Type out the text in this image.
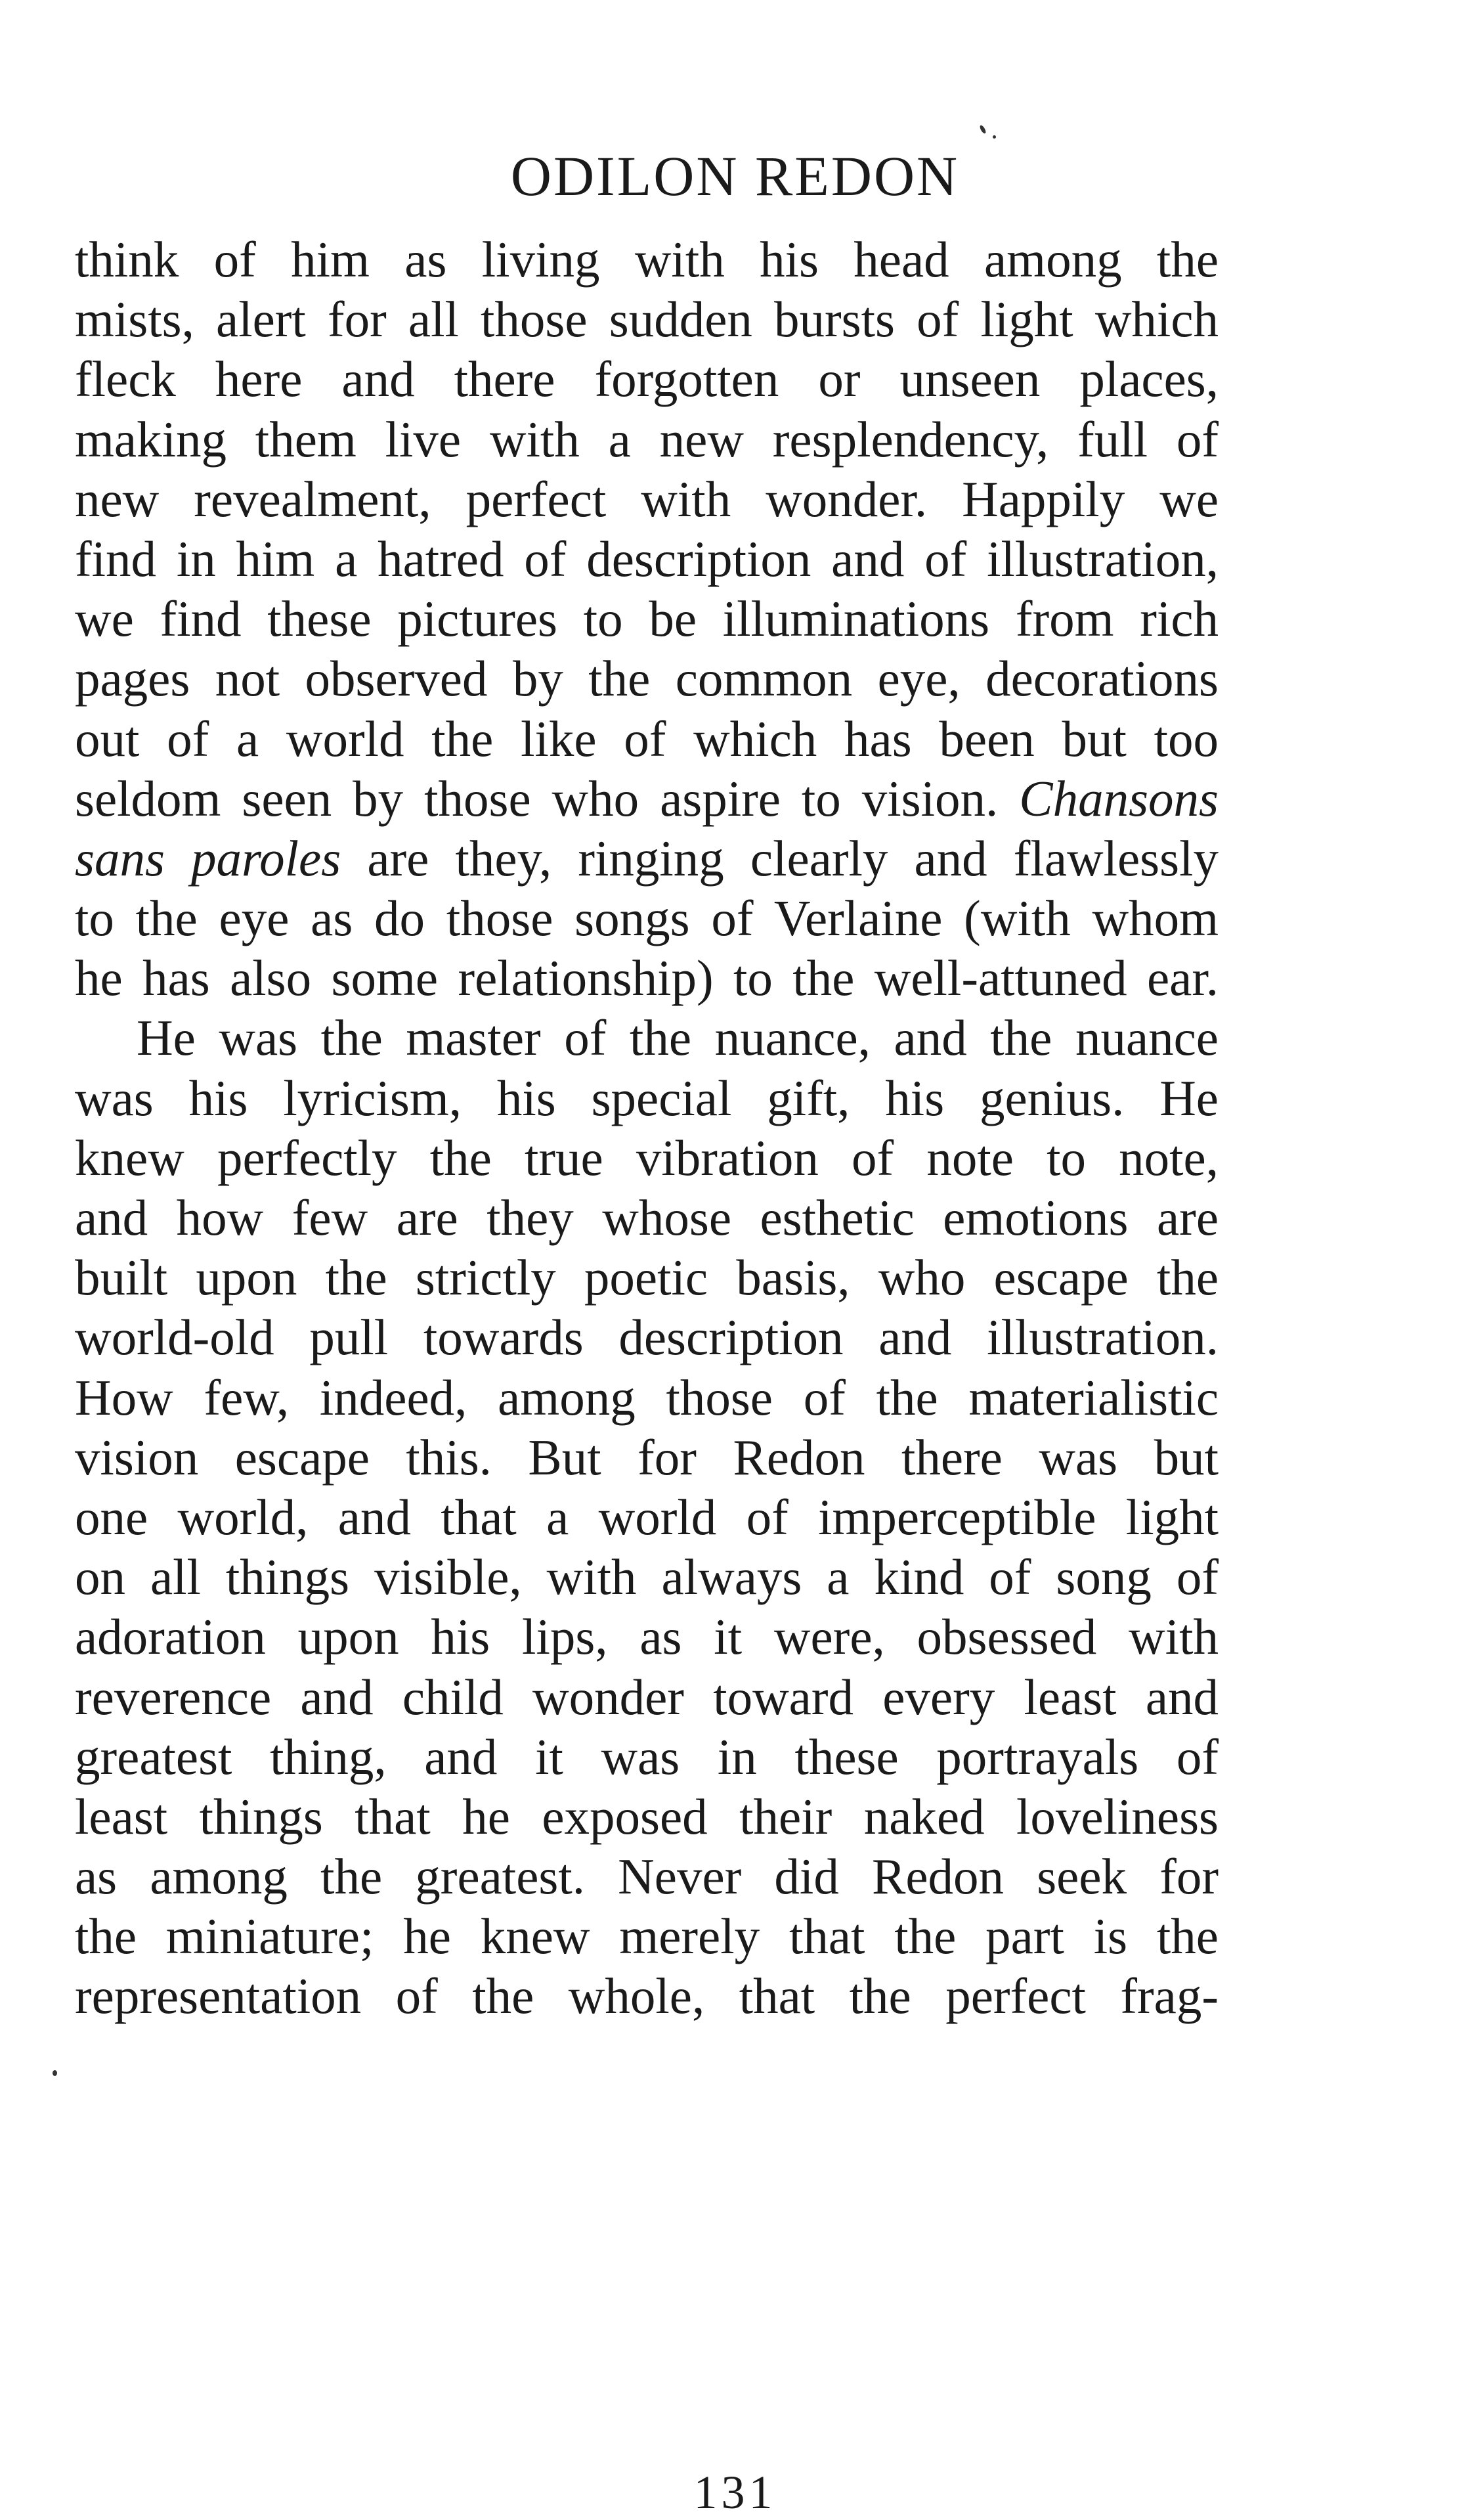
ODILON REDON
think of him as living with his head among the
mists, alert for all those sudden bursts of light which
fleck here and there forgotten or unseen places,
making them live with a new resplendency, full of
new revealment, perfect with wonder. Happily we
find in him a hatred of description and of illustration,
we find these pictures to be illuminations from rich
pages not observed by the common eye, decorations
out of a world the like of which has been but too
seldom seen by those who aspire to vision. Chansons
sans paroles are they, ringing clearly and flawlessly
to the eye as do those songs of Verlaine (with whom
he has also some relationship) to the well-attuned ear.
He was the master of the nuance, and the nuance
was his lyricism, his special gift, his genius. He
knew perfectly the true vibration of note to note,
and how few are they whose esthetic emotions are
built upon the strictly poetic basis, who escape the
world-old pull towards description and illustration.
How few, indeed, among those of the materialistic
vision escape this. But for Redon there was but
one world, and that a world of imperceptible light
on all things visible, with always a kind of song of
adoration upon his lips, as it were, obsessed with
reverence and child wonder toward every least and
greatest thing, and it was in these portrayals of
least things that he exposed their naked loveliness
as among the greatest. Never did Redon seek for
the miniature; he knew merely that the part is the
representation of the whole, that the perfect frag-
131
